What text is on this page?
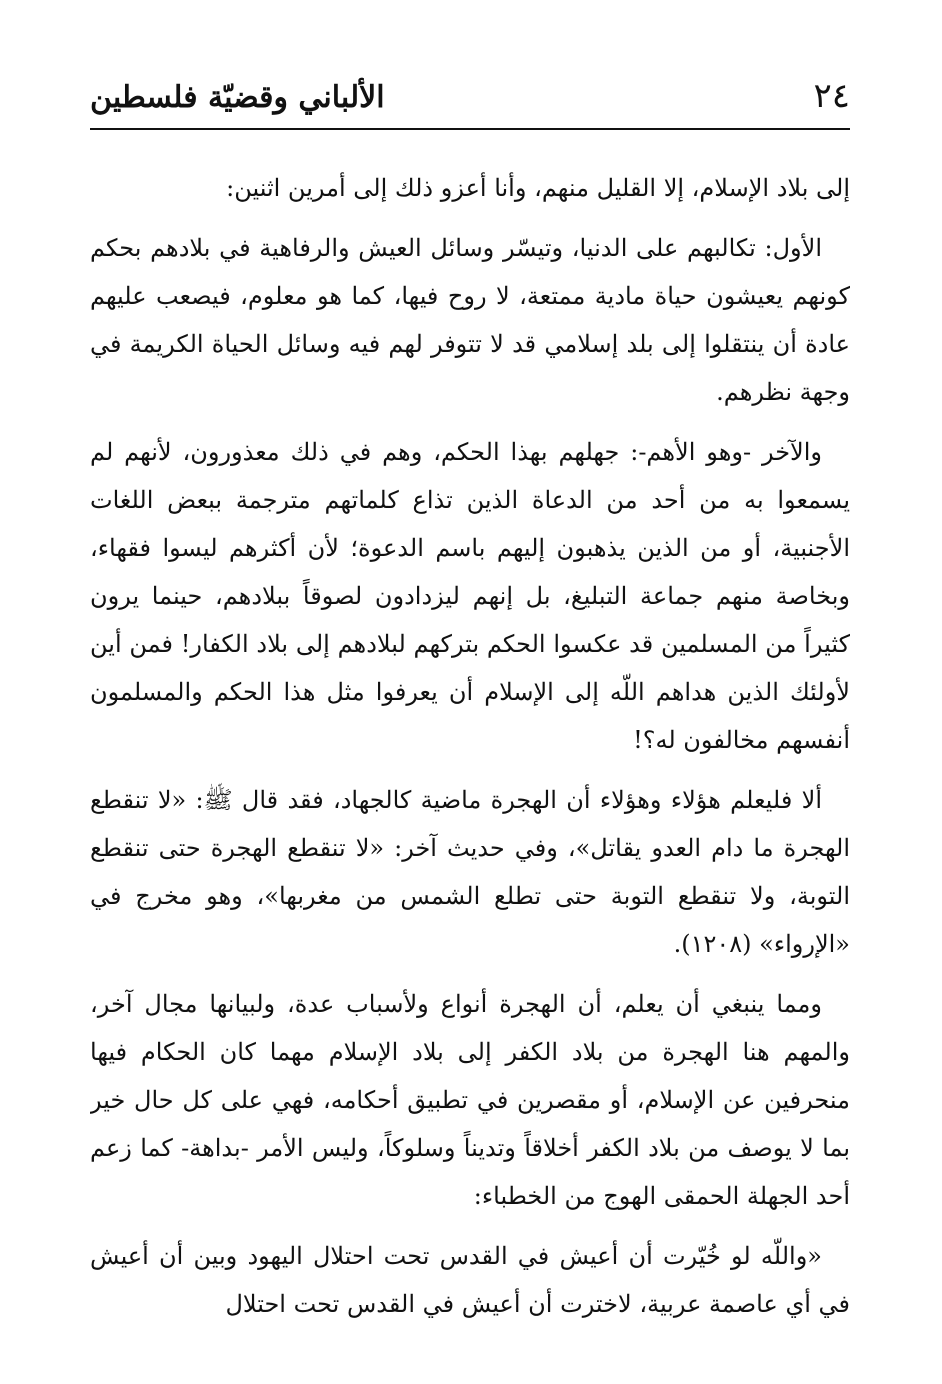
٢٤
الألباني وقضيّة فلسطين

إلى بلاد الإسلام، إلا القليل منهم، وأنا أعزو ذلك إلى أمرين اثنين:

الأول: تكالبهم على الدنيا، وتيسّر وسائل العيش والرفاهية في بلادهم بحكم كونهم يعيشون حياة مادية ممتعة، لا روح فيها، كما هو معلوم، فيصعب عليهم عادة أن ينتقلوا إلى بلد إسلامي قد لا تتوفر لهم فيه وسائل الحياة الكريمة في وجهة نظرهم.

والآخر -وهو الأهم-: جهلهم بهذا الحكم، وهم في ذلك معذورون، لأنهم لم يسمعوا به من أحد من الدعاة الذين تذاع كلماتهم مترجمة ببعض اللغات الأجنبية، أو من الذين يذهبون إليهم باسم الدعوة؛ لأن أكثرهم ليسوا فقهاء، وبخاصة منهم جماعة التبليغ، بل إنهم ليزدادون لصوقاً ببلادهم، حينما يرون كثيراً من المسلمين قد عكسوا الحكم بتركهم لبلادهم إلى بلاد الكفار! فمن أين لأولئك الذين هداهم اللّه إلى الإسلام أن يعرفوا مثل هذا الحكم والمسلمون أنفسهم مخالفون له؟!

ألا فليعلم هؤلاء وهؤلاء أن الهجرة ماضية كالجهاد، فقد قال ﷺ: «لا تنقطع الهجرة ما دام العدو يقاتل»، وفي حديث آخر: «لا تنقطع الهجرة حتى تنقطع التوبة، ولا تنقطع التوبة حتى تطلع الشمس من مغربها»، وهو مخرج في «الإرواء» (١٢٠٨).

ومما ينبغي أن يعلم، أن الهجرة أنواع ولأسباب عدة، ولبيانها مجال آخر، والمهم هنا الهجرة من بلاد الكفر إلى بلاد الإسلام مهما كان الحكام فيها منحرفين عن الإسلام، أو مقصرين في تطبيق أحكامه، فهي على كل حال خير بما لا يوصف من بلاد الكفر أخلاقاً وتديناً وسلوكاً، وليس الأمر -بداهة- كما زعم أحد الجهلة الحمقى الهوج من الخطباء:

«واللّه لو خُيّرت أن أعيش في القدس تحت احتلال اليهود وبين أن أعيش في أي عاصمة عربية، لاخترت أن أعيش في القدس تحت احتلال
